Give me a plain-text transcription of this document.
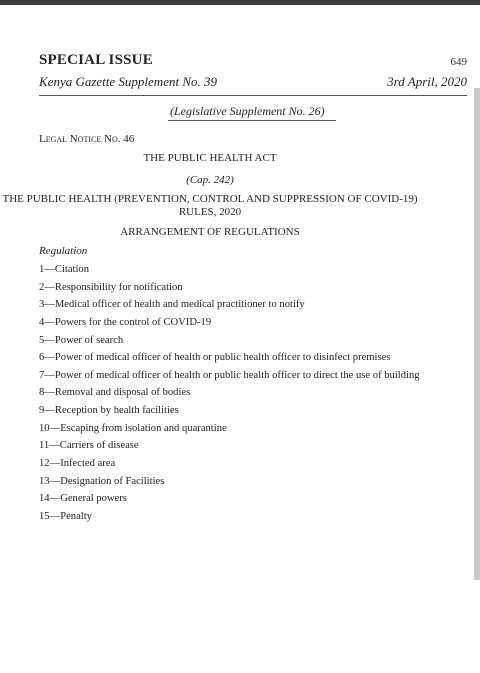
SPECIAL ISSUE	649
Kenya Gazette Supplement No. 39	3rd April, 2020
(Legislative Supplement No. 26)
Legal Notice No. 46
THE PUBLIC HEALTH ACT
(Cap. 242)
THE PUBLIC HEALTH (PREVENTION, CONTROL AND SUPPRESSION OF COVID-19) RULES, 2020
ARRANGEMENT OF REGULATIONS
Regulation
1—Citation
2—Responsibility for notification
3—Medical officer of health and medical practitioner to notify
4—Powers for the control of COVID-19
5—Power of search
6—Power of medical officer of health or public health officer to disinfect premises
7—Power of medical officer of health or public health officer to direct the use of building
8—Removal and disposal of bodies
9—Reception by health facilities
10—Escaping from isolation and quarantine
11—Carriers of disease
12—Infected area
13—Designation of Facilities
14—General powers
15—Penalty
